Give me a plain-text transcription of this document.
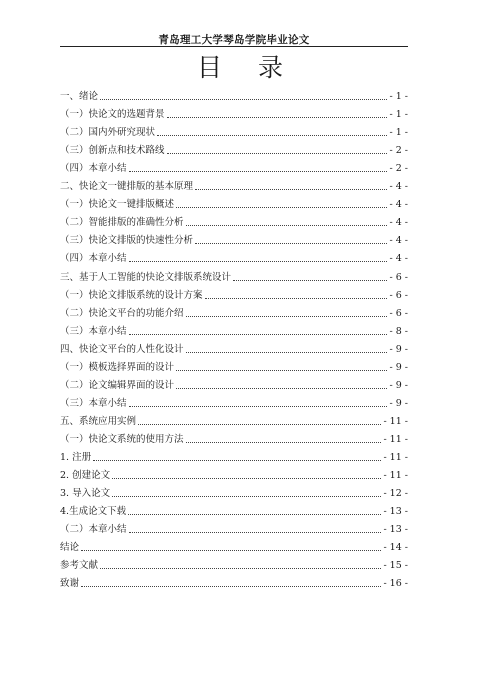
青岛理工大学琴岛学院毕业论文
目 录
一、绪论	- 1 -
（一）快论文的选题背景	- 1 -
（二）国内外研究现状	- 1 -
（三）创新点和技术路线	- 2 -
（四）本章小结	- 2 -
二、快论文一键排版的基本原理	- 4 -
（一）快论文一键排版概述	- 4 -
（二）智能排版的准确性分析	- 4 -
（三）快论文排版的快速性分析	- 4 -
（四）本章小结	- 4 -
三、基于人工智能的快论文排版系统设计	- 6 -
（一）快论文排版系统的设计方案	- 6 -
（二）快论文平台的功能介绍	- 6 -
（三）本章小结	- 8 -
四、快论文平台的人性化设计	- 9 -
（一）模板选择界面的设计	- 9 -
（二）论文编辑界面的设计	- 9 -
（三）本章小结	- 9 -
五、系统应用实例	- 11 -
（一）快论文系统的使用方法	- 11 -
1. 注册	- 11 -
2. 创建论文	- 11 -
3. 导入论文	- 12 -
4.生成论文下载	- 13 -
（二）本章小结	- 13 -
结论	- 14 -
参考文献	- 15 -
致谢	- 16 -
